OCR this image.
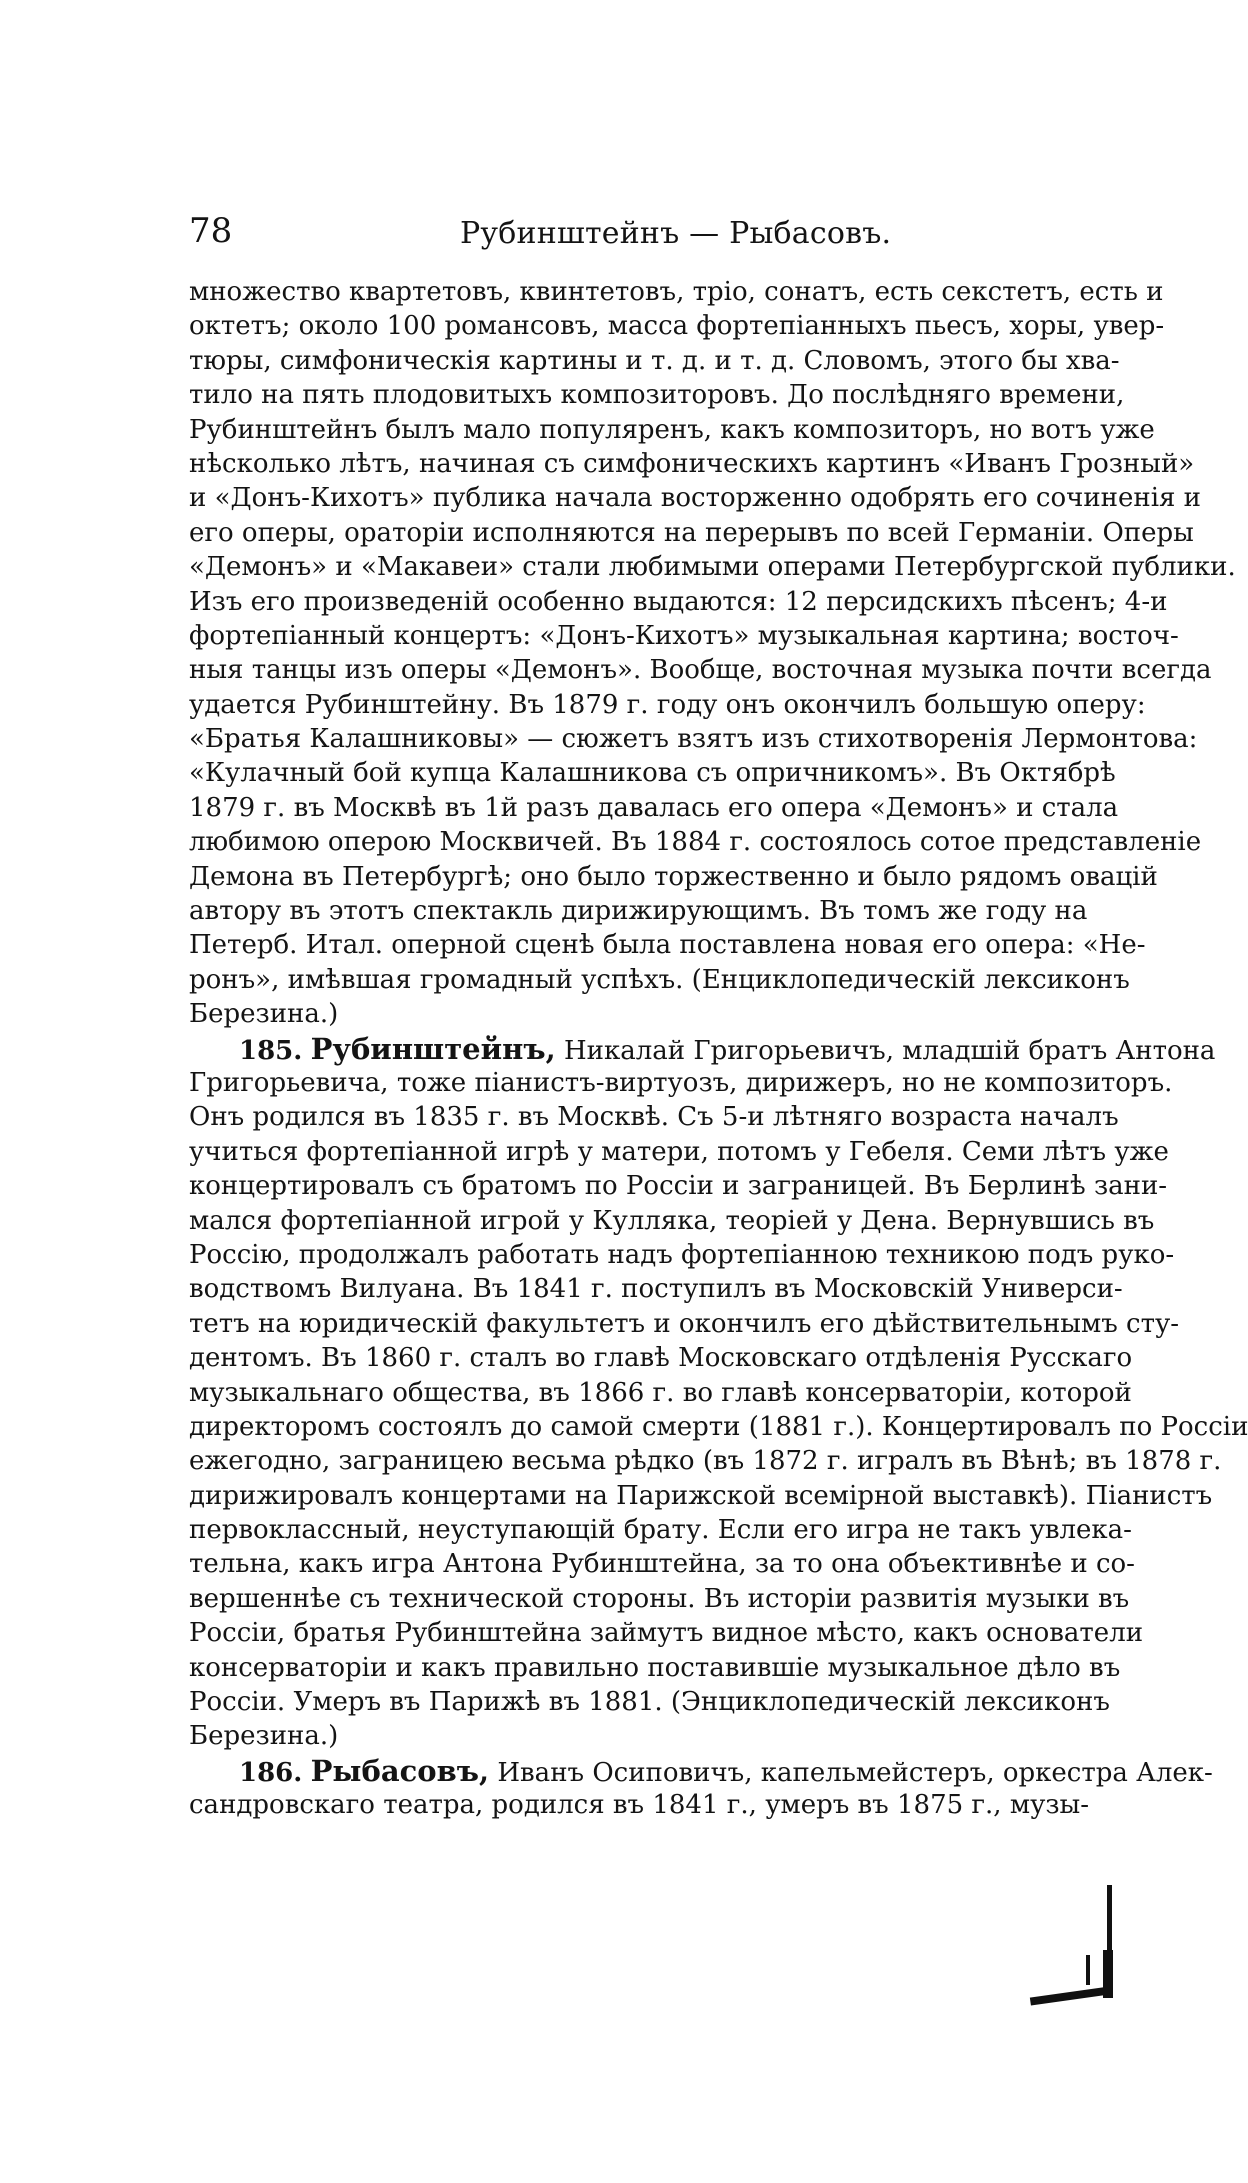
78	Рубинштейнъ — Рыбасовъ.
множество квартетовъ, квинтетовъ, тріо, сонатъ, есть секстетъ, есть и
октетъ; около 100 романсовъ, масса фортепіанныхъ пьесъ, хоры, увер-
тюры, симфоническія картины и т. д. и т. д. Словомъ, этого бы хва-
тило на пять плодовитыхъ композиторовъ. До послѣдняго времени,
Рубинштейнъ былъ мало популяренъ, какъ композиторъ, но вотъ уже
нѣсколько лѣтъ, начиная съ симфоническихъ картинъ «Иванъ Грозный»
и «Донъ-Кихотъ» публика начала восторженно одобрять его сочиненія и
его оперы, ораторіи исполняются на перерывъ по всей Германіи. Оперы
«Демонъ» и «Макавеи» стали любимыми операми Петербургской публики.
Изъ его произведеній особенно выдаются: 12 персидскихъ пѣсенъ; 4-и
фортепіанный концертъ: «Донъ-Кихотъ» музыкальная картина; восточ-
ныя танцы изъ оперы «Демонъ». Вообще, восточная музыка почти всегда
удается Рубинштейну. Въ 1879 г. году онъ окончилъ большую оперу:
«Братья Калашниковы» — сюжетъ взятъ изъ стихотворенія Лермонтова:
«Кулачный бой купца Калашникова съ опричникомъ». Въ Октябрѣ
1879 г. въ Москвѣ въ 1й разъ давалась его опера «Демонъ» и стала
любимою оперою Москвичей. Въ 1884 г. состоялось сотое представленіе
Демона въ Петербургѣ; оно было торжественно и было рядомъ овацій
автору въ этотъ спектакль дирижирующимъ. Въ томъ же году на
Петерб. Итал. оперной сценѣ была поставлена новая его опера: «Не-
ронъ», имѣвшая громадный успѣхъ. (Енциклопедическій лексиконъ
Березина.)
185. Рубинштейнъ, Никалай Григорьевичъ, младшій братъ Антона
Григорьевича, тоже піанистъ-виртуозъ, дирижеръ, но не композиторъ.
Онъ родился въ 1835 г. въ Москвѣ. Съ 5-и лѣтняго возраста началъ
учиться фортепіанной игрѣ у матери, потомъ у Гебеля. Семи лѣтъ уже
концертировалъ съ братомъ по Россіи и заграницей. Въ Берлинѣ зани-
мался фортепіанной игрой у Кулляка, теоріей у Дена. Вернувшись въ
Россію, продолжалъ работать надъ фортепіанною техникою подъ руко-
водствомъ Вилуана. Въ 1841 г. поступилъ въ Московскій Универси-
тетъ на юридическій факультетъ и окончилъ его дѣйствительнымъ сту-
дентомъ. Въ 1860 г. сталъ во главѣ Московскаго отдѣленія Русскаго
музыкальнаго общества, въ 1866 г. во главѣ консерваторіи, которой
директоромъ состоялъ до самой смерти (1881 г.). Концертировалъ по Россіи
ежегодно, заграницею весьма рѣдко (въ 1872 г. игралъ въ Вѣнѣ; въ 1878 г.
дирижировалъ концертами на Парижской всемірной выставкѣ). Піанистъ
первоклассный, неуступающій брату. Если его игра не такъ увлека-
тельна, какъ игра Антона Рубинштейна, за то она объективнѣе и со-
вершеннѣе съ технической стороны. Въ исторіи развитія музыки въ
Россіи, братья Рубинштейна займутъ видное мѣсто, какъ основатели
консерваторіи и какъ правильно поставившіе музыкальное дѣло въ
Россіи. Умеръ въ Парижѣ въ 1881. (Энциклопедическій лексиконъ
Березина.)
186. Рыбасовъ, Иванъ Осиповичъ, капельмейстеръ, оркестра Алек-
сандровскаго театра, родился въ 1841 г., умеръ въ 1875 г., музы-
